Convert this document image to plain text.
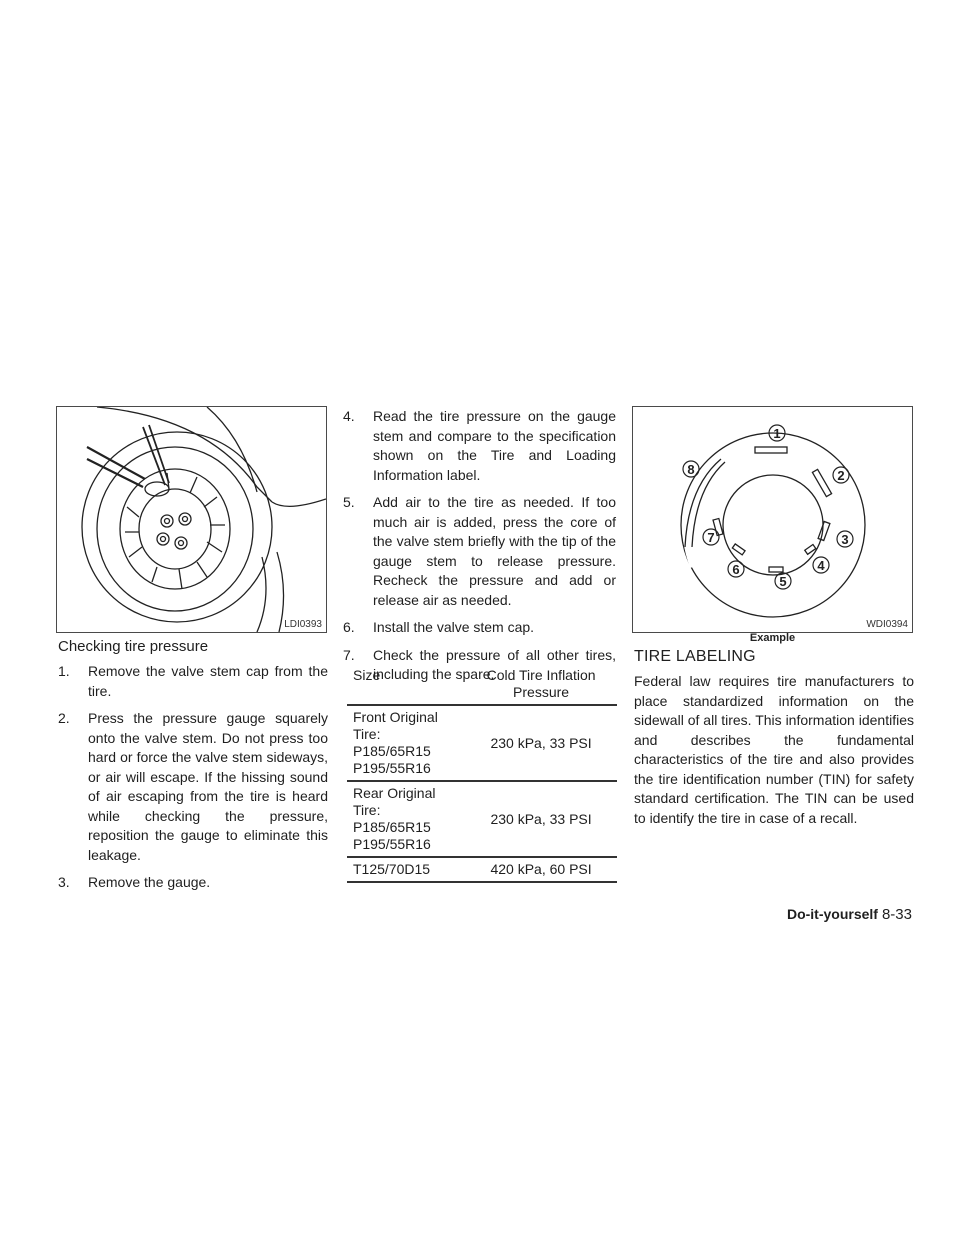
LDI0393
1
2
3
4
5
6
7
8
WDI0394
Example
Checking tire pressure
1. Remove the valve stem cap from the tire.
2. Press the pressure gauge squarely onto the valve stem. Do not press too hard or force the valve stem sideways, or air will escape. If the hissing sound of air escaping from the tire is heard while checking the pressure, reposition the gauge to eliminate this leakage.
3. Remove the gauge.
4. Read the tire pressure on the gauge stem and compare to the specification shown on the Tire and Loading Information label.
5. Add air to the tire as needed. If too much air is added, press the core of the valve stem briefly with the tip of the gauge stem to release pressure. Recheck the pressure and add or release air as needed.
6. Install the valve stem cap.
7. Check the pressure of all other tires, including the spare.
Size	Cold Tire Inflation Pressure

Front Original Tire:
P185/65R15
P195/55R16	230 kPa, 33 PSI

Rear Original Tire:
P185/65R15
P195/55R16	230 kPa, 33 PSI

T125/70D15	420 kPa, 60 PSI
TIRE LABELING

Federal law requires tire manufacturers to place standardized information on the sidewall of all tires. This information identifies and describes the fundamental characteristics of the tire and also provides the tire identification number (TIN) for safety standard certification. The TIN can be used to identify the tire in case of a recall.

Do-it-yourself 8-33
